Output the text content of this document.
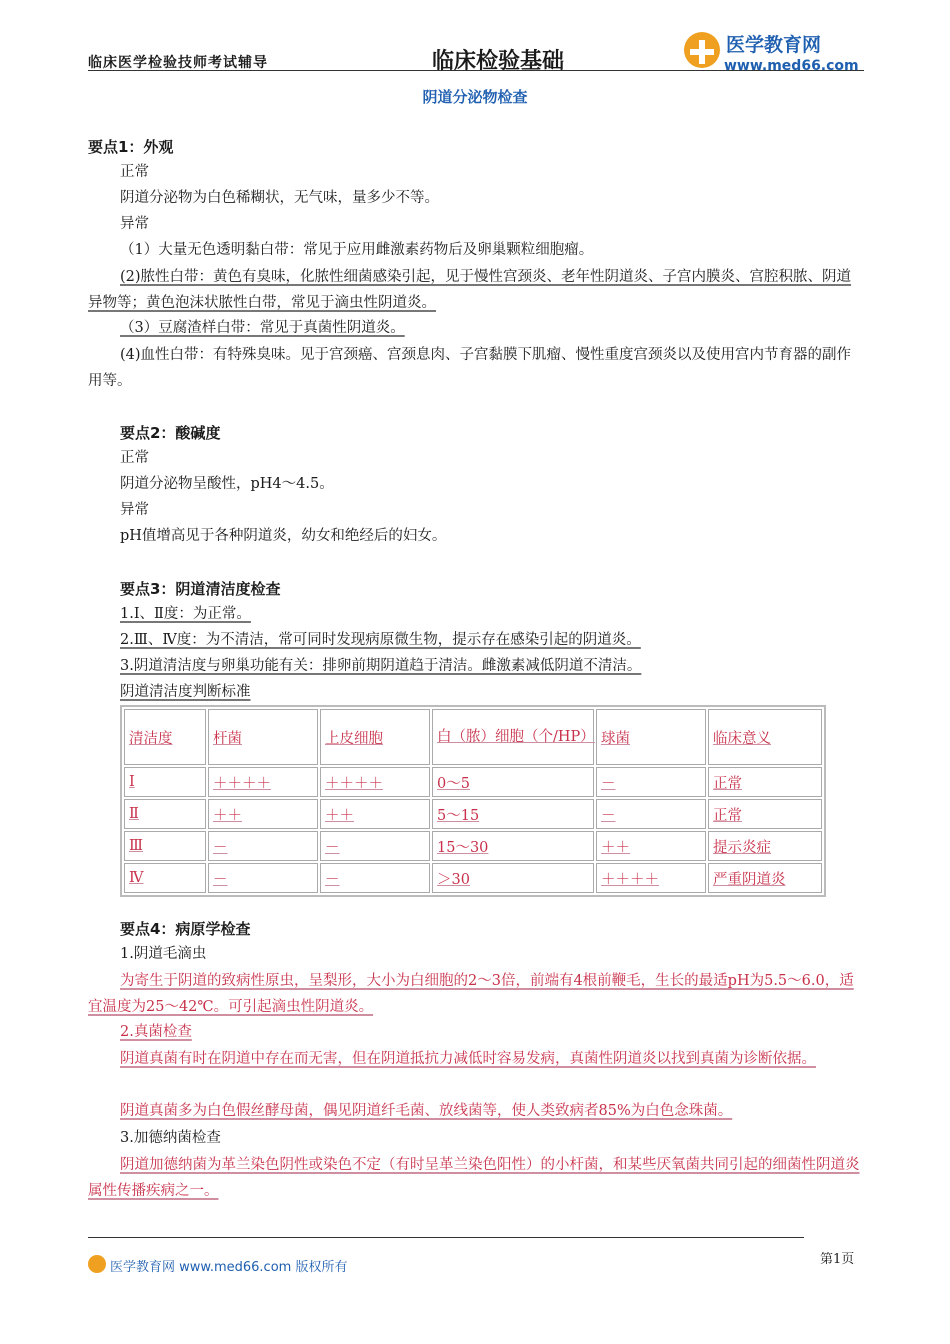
临床医学检验技师考试辅导	临床检验基础
医学教育网
www.med66.com
阴道分泌物检查
要点1：外观
正常
阴道分泌物为白色稀糊状，无气味，量多少不等。
异常
（1）大量无色透明黏白带：常见于应用雌激素药物后及卵巢颗粒细胞瘤。
(2)脓性白带：黄色有臭味，化脓性细菌感染引起，见于慢性宫颈炎、老年性阴道炎、子宫内膜炎、宫腔积脓、阴道异物等；黄色泡沫状脓性白带，常见于滴虫性阴道炎。
（3）豆腐渣样白带：常见于真菌性阴道炎。
(4)血性白带：有特殊臭味。见于宫颈癌、宫颈息肉、子宫黏膜下肌瘤、慢性重度宫颈炎以及使用宫内节育器的副作用等。
要点2：酸碱度
正常
阴道分泌物呈酸性，pH4～4.5。
异常
pH值增高见于各种阴道炎，幼女和绝经后的妇女。
要点3：阴道清洁度检查
1.Ⅰ、Ⅱ度：为正常。
2.Ⅲ、Ⅳ度：为不清洁，常可同时发现病原微生物，提示存在感染引起的阴道炎。
3.阴道清洁度与卵巢功能有关：排卵前期阴道趋于清洁。雌激素减低阴道不清洁。
阴道清洁度判断标准
清洁度	杆菌	上皮细胞	白（脓）细胞（个/HP）	球菌	临床意义
Ⅰ	＋＋＋＋	＋＋＋＋	0～5	－	正常
Ⅱ	＋＋	＋＋	5～15	－	正常
Ⅲ	－	－	15～30	＋＋	提示炎症
Ⅳ	－	－	＞30	＋＋＋＋	严重阴道炎
要点4：病原学检查
1.阴道毛滴虫
为寄生于阴道的致病性原虫，呈梨形，大小为白细胞的2～3倍，前端有4根前鞭毛，生长的最适pH为5.5～6.0，适宜温度为25～42℃。可引起滴虫性阴道炎。
2.真菌检查
阴道真菌有时在阴道中存在而无害，但在阴道抵抗力减低时容易发病，真菌性阴道炎以找到真菌为诊断依据。
阴道真菌多为白色假丝酵母菌，偶见阴道纤毛菌、放线菌等，使人类致病者85%为白色念珠菌。
3.加德纳菌检查
阴道加德纳菌为革兰染色阴性或染色不定（有时呈革兰染色阳性）的小杆菌，和某些厌氧菌共同引起的细菌性阴道炎属性传播疾病之一。
医学教育网 www.med66.com 版权所有
第1页
